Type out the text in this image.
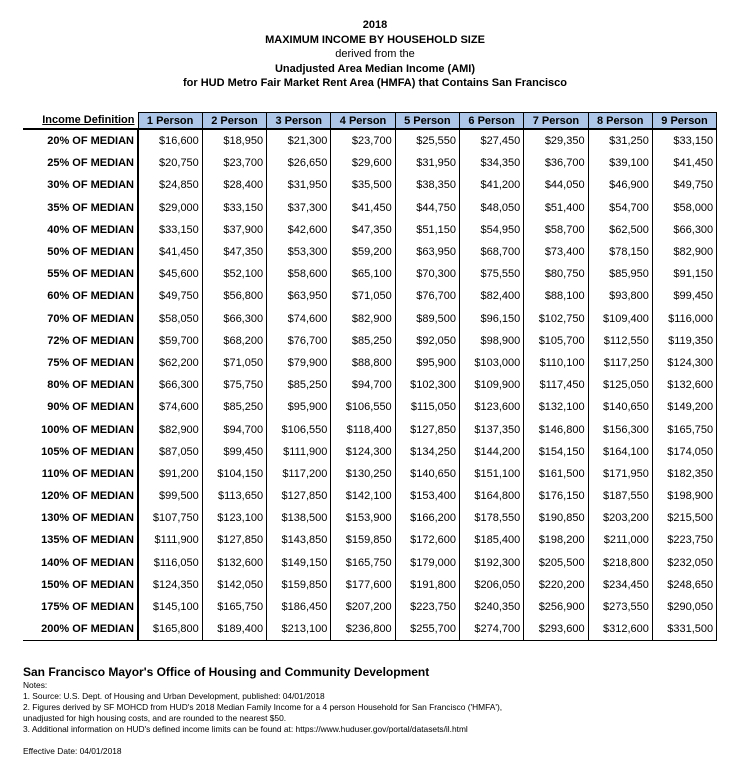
2018
MAXIMUM INCOME BY HOUSEHOLD SIZE
derived from the
Unadjusted Area Median Income (AMI)
for HUD Metro Fair Market Rent Area (HMFA) that Contains San Francisco
Income Definition	1 Person	2 Person	3 Person	4 Person	5 Person	6 Person	7 Person	8 Person	9 Person
20% OF MEDIAN	$16,600	$18,950	$21,300	$23,700	$25,550	$27,450	$29,350	$31,250	$33,150
25% OF MEDIAN	$20,750	$23,700	$26,650	$29,600	$31,950	$34,350	$36,700	$39,100	$41,450
30% OF MEDIAN	$24,850	$28,400	$31,950	$35,500	$38,350	$41,200	$44,050	$46,900	$49,750
35% OF MEDIAN	$29,000	$33,150	$37,300	$41,450	$44,750	$48,050	$51,400	$54,700	$58,000
40% OF MEDIAN	$33,150	$37,900	$42,600	$47,350	$51,150	$54,950	$58,700	$62,500	$66,300
50% OF MEDIAN	$41,450	$47,350	$53,300	$59,200	$63,950	$68,700	$73,400	$78,150	$82,900
55% OF MEDIAN	$45,600	$52,100	$58,600	$65,100	$70,300	$75,550	$80,750	$85,950	$91,150
60% OF MEDIAN	$49,750	$56,800	$63,950	$71,050	$76,700	$82,400	$88,100	$93,800	$99,450
70% OF MEDIAN	$58,050	$66,300	$74,600	$82,900	$89,500	$96,150	$102,750	$109,400	$116,000
72% OF MEDIAN	$59,700	$68,200	$76,700	$85,250	$92,050	$98,900	$105,700	$112,550	$119,350
75% OF MEDIAN	$62,200	$71,050	$79,900	$88,800	$95,900	$103,000	$110,100	$117,250	$124,300
80% OF MEDIAN	$66,300	$75,750	$85,250	$94,700	$102,300	$109,900	$117,450	$125,050	$132,600
90% OF MEDIAN	$74,600	$85,250	$95,900	$106,550	$115,050	$123,600	$132,100	$140,650	$149,200
100% OF MEDIAN	$82,900	$94,700	$106,550	$118,400	$127,850	$137,350	$146,800	$156,300	$165,750
105% OF MEDIAN	$87,050	$99,450	$111,900	$124,300	$134,250	$144,200	$154,150	$164,100	$174,050
110% OF MEDIAN	$91,200	$104,150	$117,200	$130,250	$140,650	$151,100	$161,500	$171,950	$182,350
120% OF MEDIAN	$99,500	$113,650	$127,850	$142,100	$153,400	$164,800	$176,150	$187,550	$198,900
130% OF MEDIAN	$107,750	$123,100	$138,500	$153,900	$166,200	$178,550	$190,850	$203,200	$215,500
135% OF MEDIAN	$111,900	$127,850	$143,850	$159,850	$172,600	$185,400	$198,200	$211,000	$223,750
140% OF MEDIAN	$116,050	$132,600	$149,150	$165,750	$179,000	$192,300	$205,500	$218,800	$232,050
150% OF MEDIAN	$124,350	$142,050	$159,850	$177,600	$191,800	$206,050	$220,200	$234,450	$248,650
175% OF MEDIAN	$145,100	$165,750	$186,450	$207,200	$223,750	$240,350	$256,900	$273,550	$290,050
200% OF MEDIAN	$165,800	$189,400	$213,100	$236,800	$255,700	$274,700	$293,600	$312,600	$331,500
San Francisco Mayor's Office of Housing and Community Development
Notes:
1. Source: U.S. Dept. of Housing and Urban Development, published: 04/01/2018
2. Figures derived by SF MOHCD from HUD's 2018 Median Family Income for a 4 person Household for San Francisco ('HMFA'),
unadjusted for high housing costs, and are rounded to the nearest $50.
3. Additional information on HUD's defined income limits can be found at: https://www.huduser.gov/portal/datasets/il.html
Effective Date: 04/01/2018
